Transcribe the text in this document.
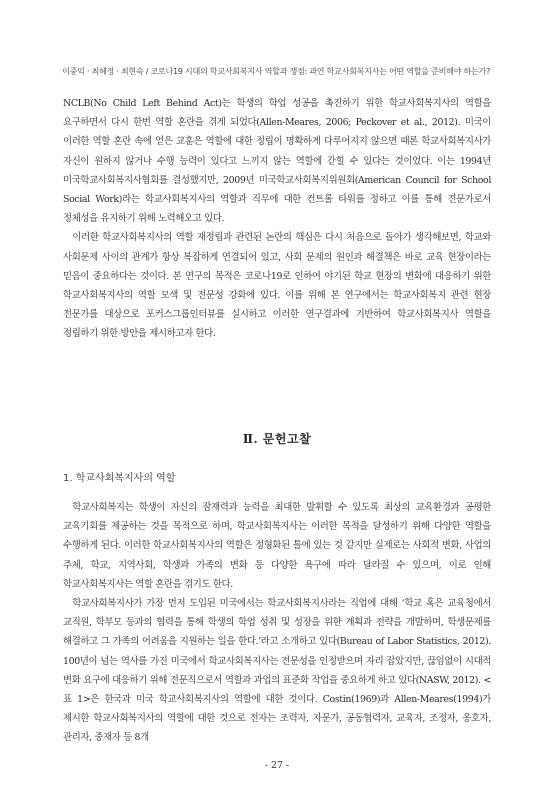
이중익 · 최혜정 · 최현숙 / 코로나19 시대의 학교사회복지사 역할과 쟁점: 과연 학교사회복지사는 어떤 역할을 준비해야 하는가?

NCLB(No Child Left Behind Act)는 학생의 학업 성공을 촉진하기 위한 학교사회복지사의 역할을 요구하면서 다시 한번 역할 혼란을 겪게 되었다(Allen-Meares, 2006; Peckover et al., 2012). 미국이 이러한 역할 혼란 속에 얻은 교훈은 역할에 대한 정립이 명확하게 다루어지지 않으면 때론 학교사회복지사가 자신이 원하지 않거나 수행 능력이 있다고 느끼지 않는 역할에 갇힐 수 있다는 것이었다. 이는 1994년 미국학교사회복지사협회를 결성했지만, 2009년 미국학교사회복지위원회(American Council for School Social Work)라는 학교사회복지사의 역할과 직무에 대한 컨트롤 타워를 정하고 이를 통해 전문가로서 정체성을 유지하기 위해 노력해오고 있다.

이러한 학교사회복지사의 역할 재정립과 관련된 논란의 핵심은 다시 처음으로 돌아가 생각해보면, 학교와 사회문제 사이의 관계가 항상 복잡하게 연결되어 있고, 사회 문제의 원인과 해결책은 바로 교육 현장이라는 믿음이 중요하다는 것이다. 본 연구의 목적은 코로나19로 인하여 야기된 학교 현장의 변화에 대응하기 위한 학교사회복지사의 역할 모색 및 전문성 강화에 있다. 이를 위해 본 연구에서는 학교사회복지 관련 현장 전문가를 대상으로 포커스그룹인터뷰를 실시하고 이러한 연구결과에 기반하여 학교사회복지사 역할을 정립하기 위한 방안을 제시하고자 한다.

Ⅱ. 문헌고찰
1. 학교사회복지사의 역할

학교사회복지는 학생이 자신의 잠재력과 능력을 최대한 발휘할 수 있도록 최상의 교육환경과 공평한 교육기회를 제공하는 것을 목적으로 하며, 학교사회복지사는 이러한 목적을 달성하기 위해 다양한 역할을 수행하게 된다. 이러한 학교사회복지사의 역할은 정형화된 틀에 있는 것 같지만 실제로는 사회적 변화, 사업의 주체, 학교, 지역사회, 학생과 가족의 변화 등 다양한 욕구에 따라 달라질 수 있으며, 이로 인해 학교사회복지사는 역할 혼란을 겪기도 한다.

학교사회복지사가 가장 먼저 도입된 미국에서는 학교사회복지사라는 직업에 대해 ‘학교 혹은 교육청에서 교직원, 학부모 등과의 협력을 통해 학생의 학업 성취 및 성장을 위한 계획과 전략을 개발하며, 학생문제를 해결하고 그 가족의 어려움을 지원하는 일을 한다.’라고 소개하고 있다(Bureau of Labor Statistics, 2012). 100년이 넘는 역사를 가진 미국에서 학교사회복지사는 전문성을 인정받으며 자리 잡았지만, 끊임없이 시대적 변화 요구에 대응하기 위해 전문직으로서 역할과 과업의 표준화 작업을 중요하게 하고 있다(NASW, 2012). <표 1>은 한국과 미국 학교사회복지사의 역할에 대한 것이다. Costin(1969)과 Allen-Meares(1994)가 제시한 학교사회복지사의 역할에 대한 것으로 전자는 조력자, 자문가, 공동협력자, 교육자, 조정자, 옹호자, 관리자, 중재자 등 8개

- 27 -
